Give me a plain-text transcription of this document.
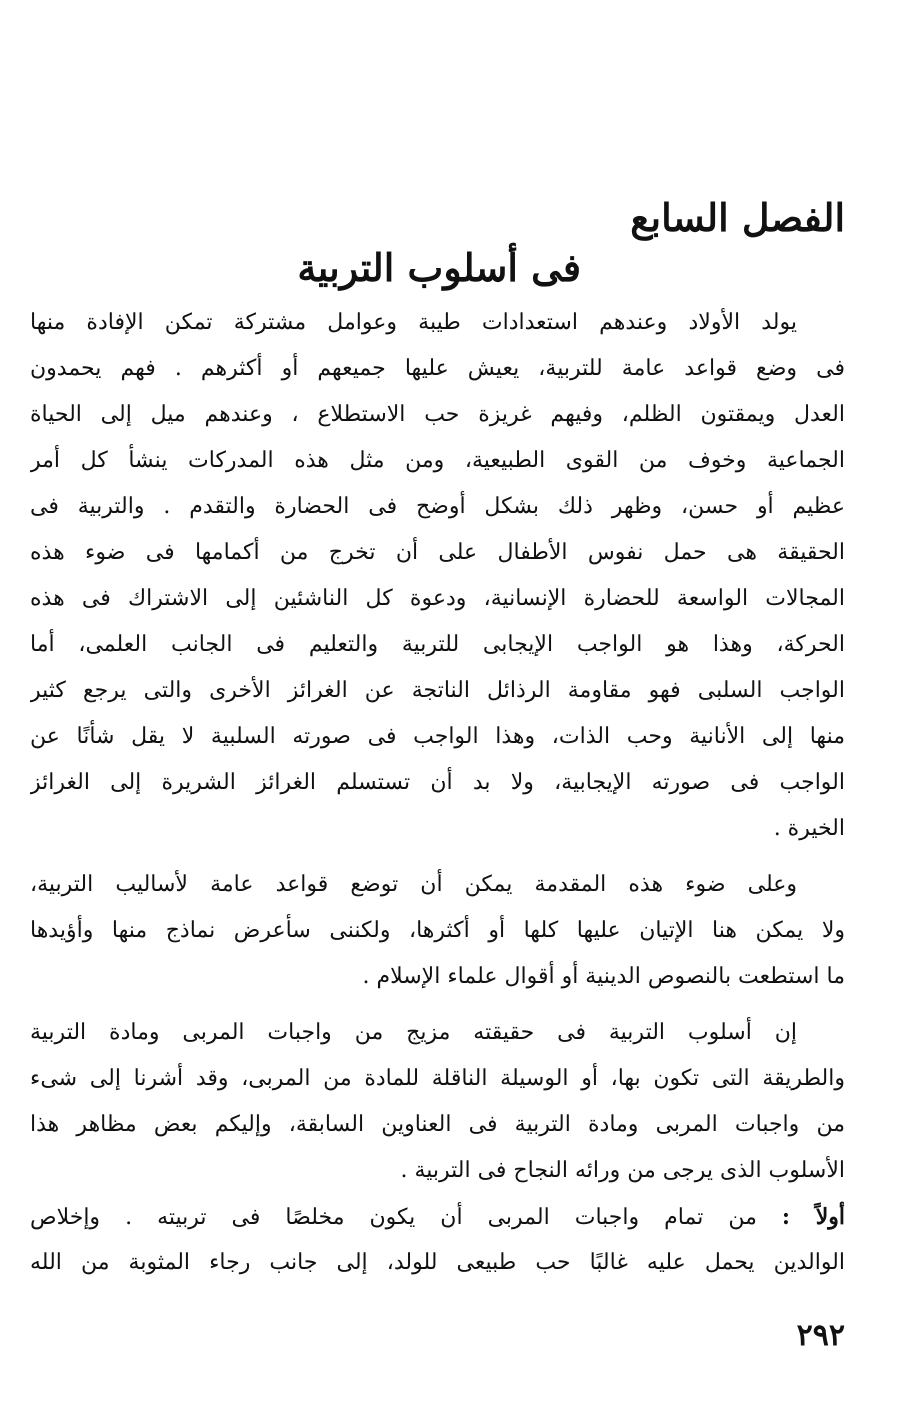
الفصل السابع
فى أسلوب التربية
يولد الأولاد وعندهم استعدادات طيبة وعوامل مشتركة تمكن الإفادة منها
فى وضع قواعد عامة للتربية، يعيش عليها جميعهم أو أكثرهم . فهم يحمدون
العدل ويمقتون الظلم، وفيهم غريزة حب الاستطلاع ، وعندهم ميل إلى الحياة
الجماعية وخوف من القوى الطبيعية، ومن مثل هذه المدركات ينشأ كل أمر
عظيم أو حسن، وظهر ذلك بشكل أوضح فى الحضارة والتقدم . والتربية فى
الحقيقة هى حمل نفوس الأطفال على أن تخرج من أكمامها فى ضوء هذه
المجالات الواسعة للحضارة الإنسانية، ودعوة كل الناشئين إلى الاشتراك فى هذه
الحركة، وهذا هو الواجب الإيجابى للتربية والتعليم فى الجانب العلمى، أما
الواجب السلبى فهو مقاومة الرذائل الناتجة عن الغرائز الأخرى والتى يرجع كثير
منها إلى الأنانية وحب الذات، وهذا الواجب فى صورته السلبية لا يقل شأنًا عن
الواجب فى صورته الإيجابية، ولا بد أن تستسلم الغرائز الشريرة إلى الغرائز
الخيرة .
وعلى ضوء هذه المقدمة يمكن أن توضع قواعد عامة لأساليب التربية،
ولا يمكن هنا الإتيان عليها كلها أو أكثرها، ولكننى سأعرض نماذج منها وأؤيدها
ما استطعت بالنصوص الدينية أو أقوال علماء الإسلام .
إن أسلوب التربية فى حقيقته مزيج من واجبات المربى ومادة التربية
والطريقة التى تكون بها، أو الوسيلة الناقلة للمادة من المربى، وقد أشرنا إلى شىء
من واجبات المربى ومادة التربية فى العناوين السابقة، وإليكم بعض مظاهر هذا
الأسلوب الذى يرجى من ورائه النجاح فى التربية .
أولاً : من تمام واجبات المربى أن يكون مخلصًا فى تربيته . وإخلاص
الوالدين يحمل عليه غالبًا حب طبيعى للولد، إلى جانب رجاء المثوبة من الله
٢٩٢
